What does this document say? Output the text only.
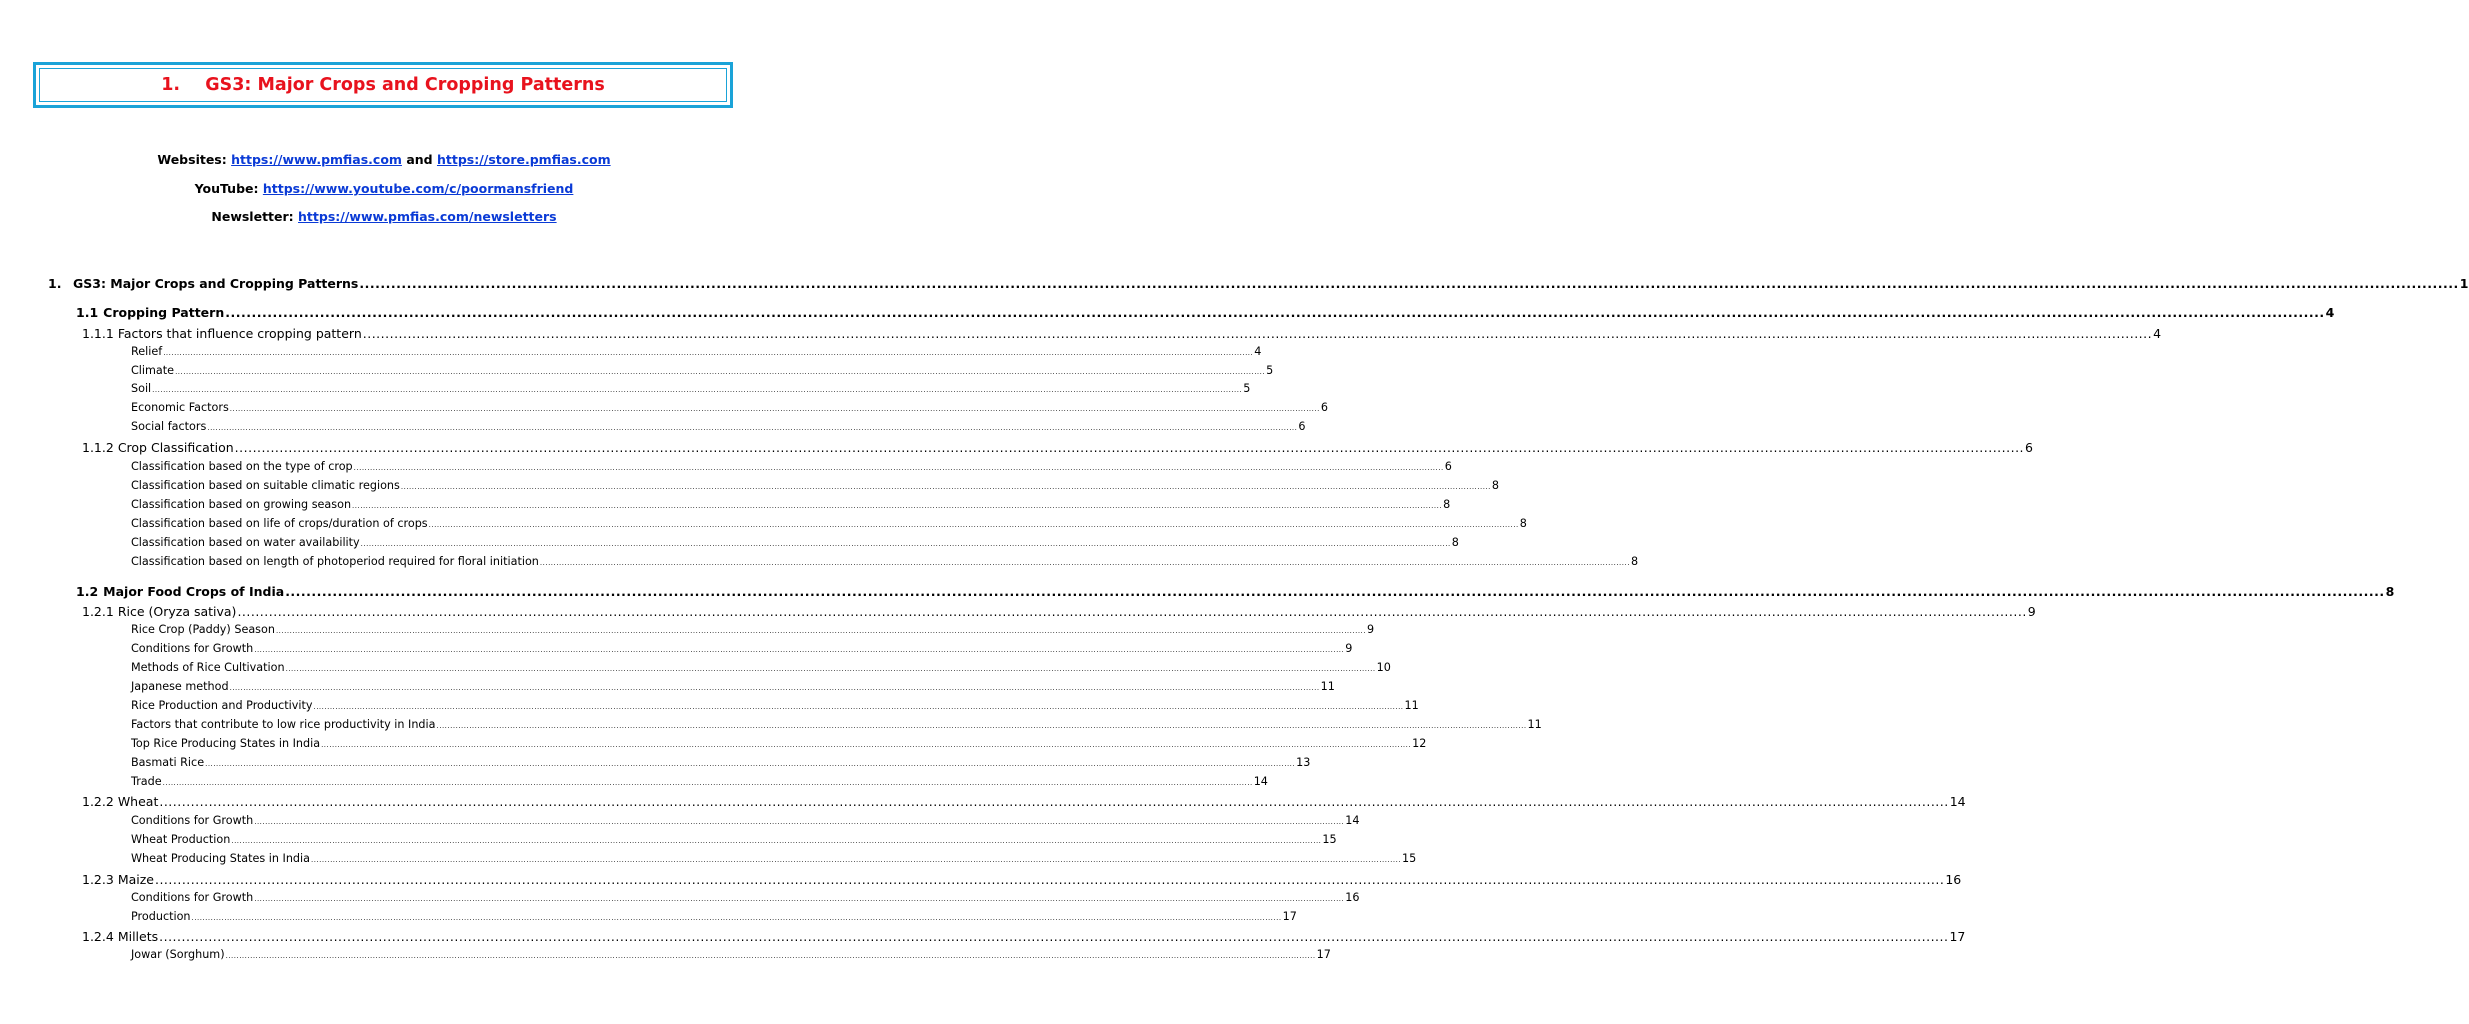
1.	GS3: Major Crops and Cropping Patterns
Websites: https://www.pmfias.com and https://store.pmfias.com
YouTube: https://www.youtube.com/c/poormansfriend
Newsletter: https://www.pmfias.com/newsletters
1. GS3: Major Crops and Cropping Patterns ................................................................................................................................................................................................................................................................................................................................................................................................................ 1
1.1 Cropping Pattern ................................................................................................................................................................................................................................................................................................................................................................................................................ 4
1.1.1 Factors that influence cropping pattern ................................................................................................................................................................................................................................................................................................................................................................................................................ 4
Relief ................................................................................................................................................................................................................................................................................................................................................................................................................ 4
Climate ................................................................................................................................................................................................................................................................................................................................................................................................................ 5
Soil ................................................................................................................................................................................................................................................................................................................................................................................................................ 5
Economic Factors ................................................................................................................................................................................................................................................................................................................................................................................................................ 6
Social factors ................................................................................................................................................................................................................................................................................................................................................................................................................ 6
1.1.2 Crop Classification ................................................................................................................................................................................................................................................................................................................................................................................................................ 6
Classification based on the type of crop ................................................................................................................................................................................................................................................................................................................................................................................................................ 6
Classification based on suitable climatic regions ................................................................................................................................................................................................................................................................................................................................................................................................................ 8
Classification based on growing season ................................................................................................................................................................................................................................................................................................................................................................................................................ 8
Classification based on life of crops/duration of crops ................................................................................................................................................................................................................................................................................................................................................................................................................ 8
Classification based on water availability ................................................................................................................................................................................................................................................................................................................................................................................................................ 8
Classification based on length of photoperiod required for floral initiation ................................................................................................................................................................................................................................................................................................................................................................................................................ 8
1.2 Major Food Crops of India ................................................................................................................................................................................................................................................................................................................................................................................................................ 8
1.2.1 Rice (Oryza sativa) ................................................................................................................................................................................................................................................................................................................................................................................................................ 9
Rice Crop (Paddy) Season ................................................................................................................................................................................................................................................................................................................................................................................................................ 9
Conditions for Growth ................................................................................................................................................................................................................................................................................................................................................................................................................ 9
Methods of Rice Cultivation ................................................................................................................................................................................................................................................................................................................................................................................................................ 10
Japanese method ................................................................................................................................................................................................................................................................................................................................................................................................................ 11
Rice Production and Productivity ................................................................................................................................................................................................................................................................................................................................................................................................................ 11
Factors that contribute to low rice productivity in India ................................................................................................................................................................................................................................................................................................................................................................................................................ 11
Top Rice Producing States in India ................................................................................................................................................................................................................................................................................................................................................................................................................ 12
Basmati Rice ................................................................................................................................................................................................................................................................................................................................................................................................................ 13
Trade ................................................................................................................................................................................................................................................................................................................................................................................................................ 14
1.2.2 Wheat ................................................................................................................................................................................................................................................................................................................................................................................................................ 14
Conditions for Growth ................................................................................................................................................................................................................................................................................................................................................................................................................ 14
Wheat Production ................................................................................................................................................................................................................................................................................................................................................................................................................ 15
Wheat Producing States in India ................................................................................................................................................................................................................................................................................................................................................................................................................ 15
1.2.3 Maize ................................................................................................................................................................................................................................................................................................................................................................................................................ 16
Conditions for Growth ................................................................................................................................................................................................................................................................................................................................................................................................................ 16
Production ................................................................................................................................................................................................................................................................................................................................................................................................................ 17
1.2.4 Millets ................................................................................................................................................................................................................................................................................................................................................................................................................ 17
Jowar (Sorghum) ................................................................................................................................................................................................................................................................................................................................................................................................................ 17
